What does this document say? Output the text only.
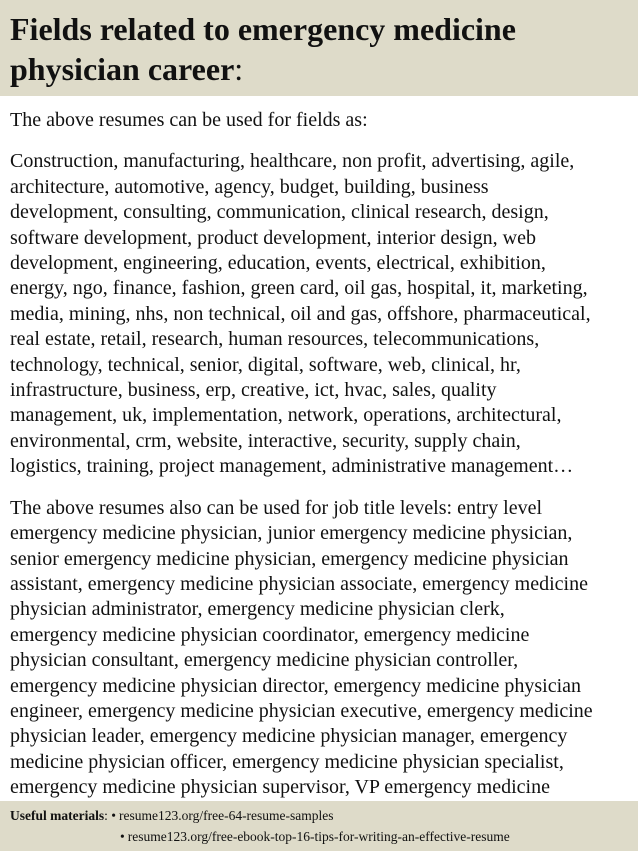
Fields related to emergency medicine physician career:

The above resumes can be used for fields as:

Construction, manufacturing, healthcare, non profit, advertising, agile,
architecture, automotive, agency, budget, building, business
development, consulting, communication, clinical research, design,
software development, product development, interior design, web
development, engineering, education, events, electrical, exhibition,
energy, ngo, finance, fashion, green card, oil gas, hospital, it, marketing,
media, mining, nhs, non technical, oil and gas, offshore, pharmaceutical,
real estate, retail, research, human resources, telecommunications,
technology, technical, senior, digital, software, web, clinical, hr,
infrastructure, business, erp, creative, ict, hvac, sales, quality
management, uk, implementation, network, operations, architectural,
environmental, crm, website, interactive, security, supply chain,
logistics, training, project management, administrative management…

The above resumes also can be used for job title levels: entry level
emergency medicine physician, junior emergency medicine physician,
senior emergency medicine physician, emergency medicine physician
assistant, emergency medicine physician associate, emergency medicine
physician administrator, emergency medicine physician clerk,
emergency medicine physician coordinator, emergency medicine
physician consultant, emergency medicine physician controller,
emergency medicine physician director, emergency medicine physician
engineer, emergency medicine physician executive, emergency medicine
physician leader, emergency medicine physician manager, emergency
medicine physician officer, emergency medicine physician specialist,
emergency medicine physician supervisor, VP emergency medicine

Useful materials: • resume123.org/free-64-resume-samples
• resume123.org/free-ebook-top-16-tips-for-writing-an-effective-resume
